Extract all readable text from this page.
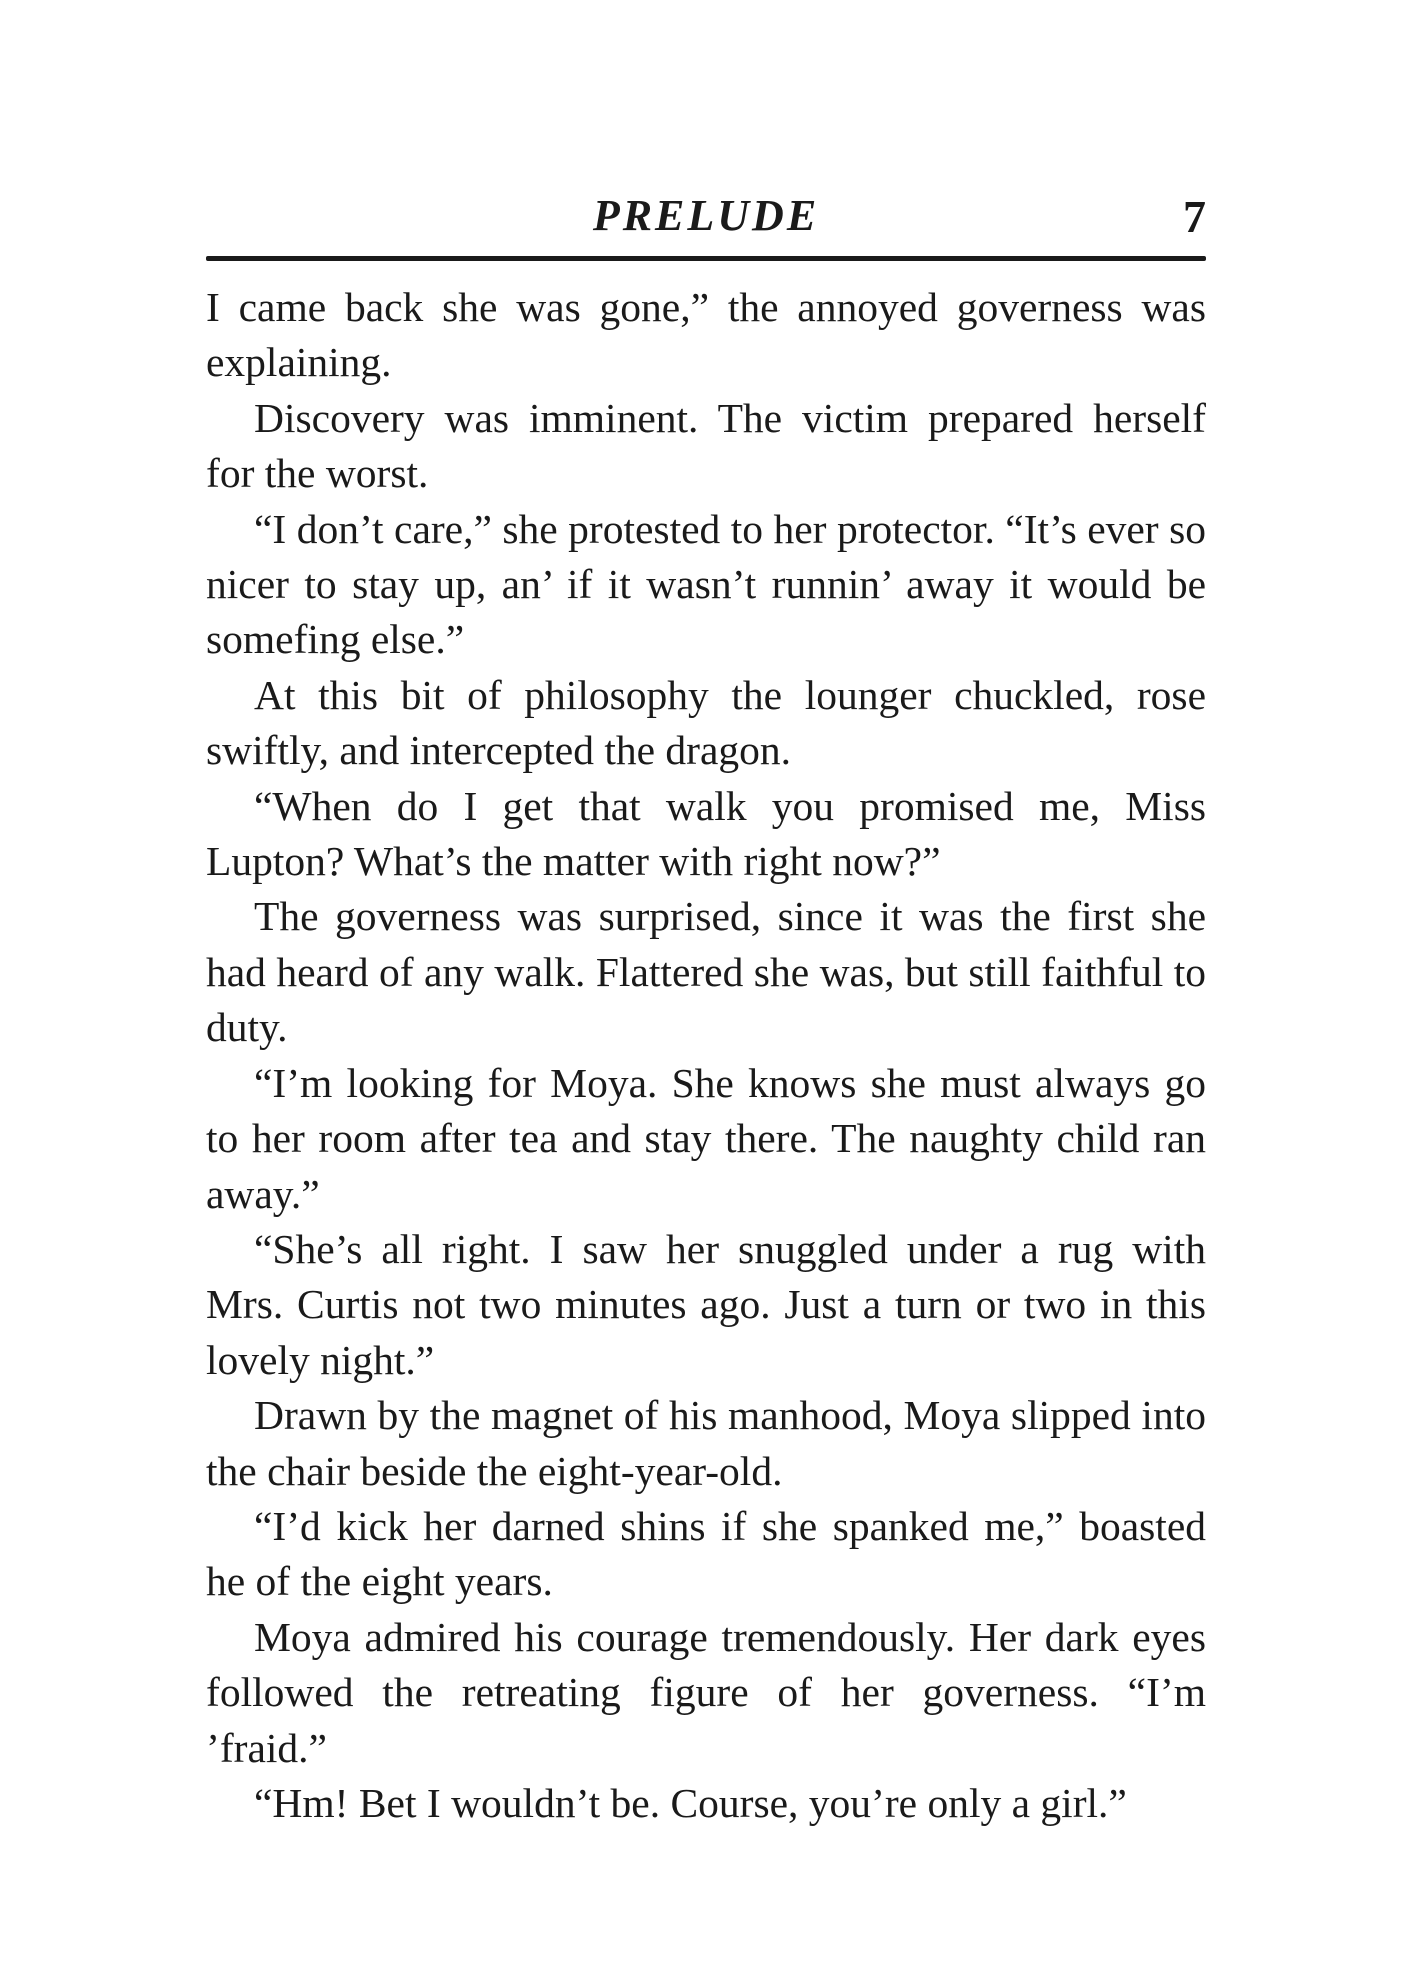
PRELUDE	7

I came back she was gone,” the annoyed governess was explaining.

Discovery was imminent. The victim prepared herself for the worst.

“I don’t care,” she protested to her protector. “It’s ever so nicer to stay up, an’ if it wasn’t runnin’ away it would be somefing else.”

At this bit of philosophy the lounger chuckled, rose swiftly, and intercepted the dragon.

“When do I get that walk you promised me, Miss Lupton? What’s the matter with right now?”

The governess was surprised, since it was the first she had heard of any walk. Flattered she was, but still faithful to duty.

“I’m looking for Moya. She knows she must always go to her room after tea and stay there. The naughty child ran away.”

“She’s all right. I saw her snuggled under a rug with Mrs. Curtis not two minutes ago. Just a turn or two in this lovely night.”

Drawn by the magnet of his manhood, Moya slipped into the chair beside the eight-year-old.

“I’d kick her darned shins if she spanked me,” boasted he of the eight years.

Moya admired his courage tremendously. Her dark eyes followed the retreating figure of her governess. “I’m ’fraid.”

“Hm! Bet I wouldn’t be. Course, you’re only a girl.”
